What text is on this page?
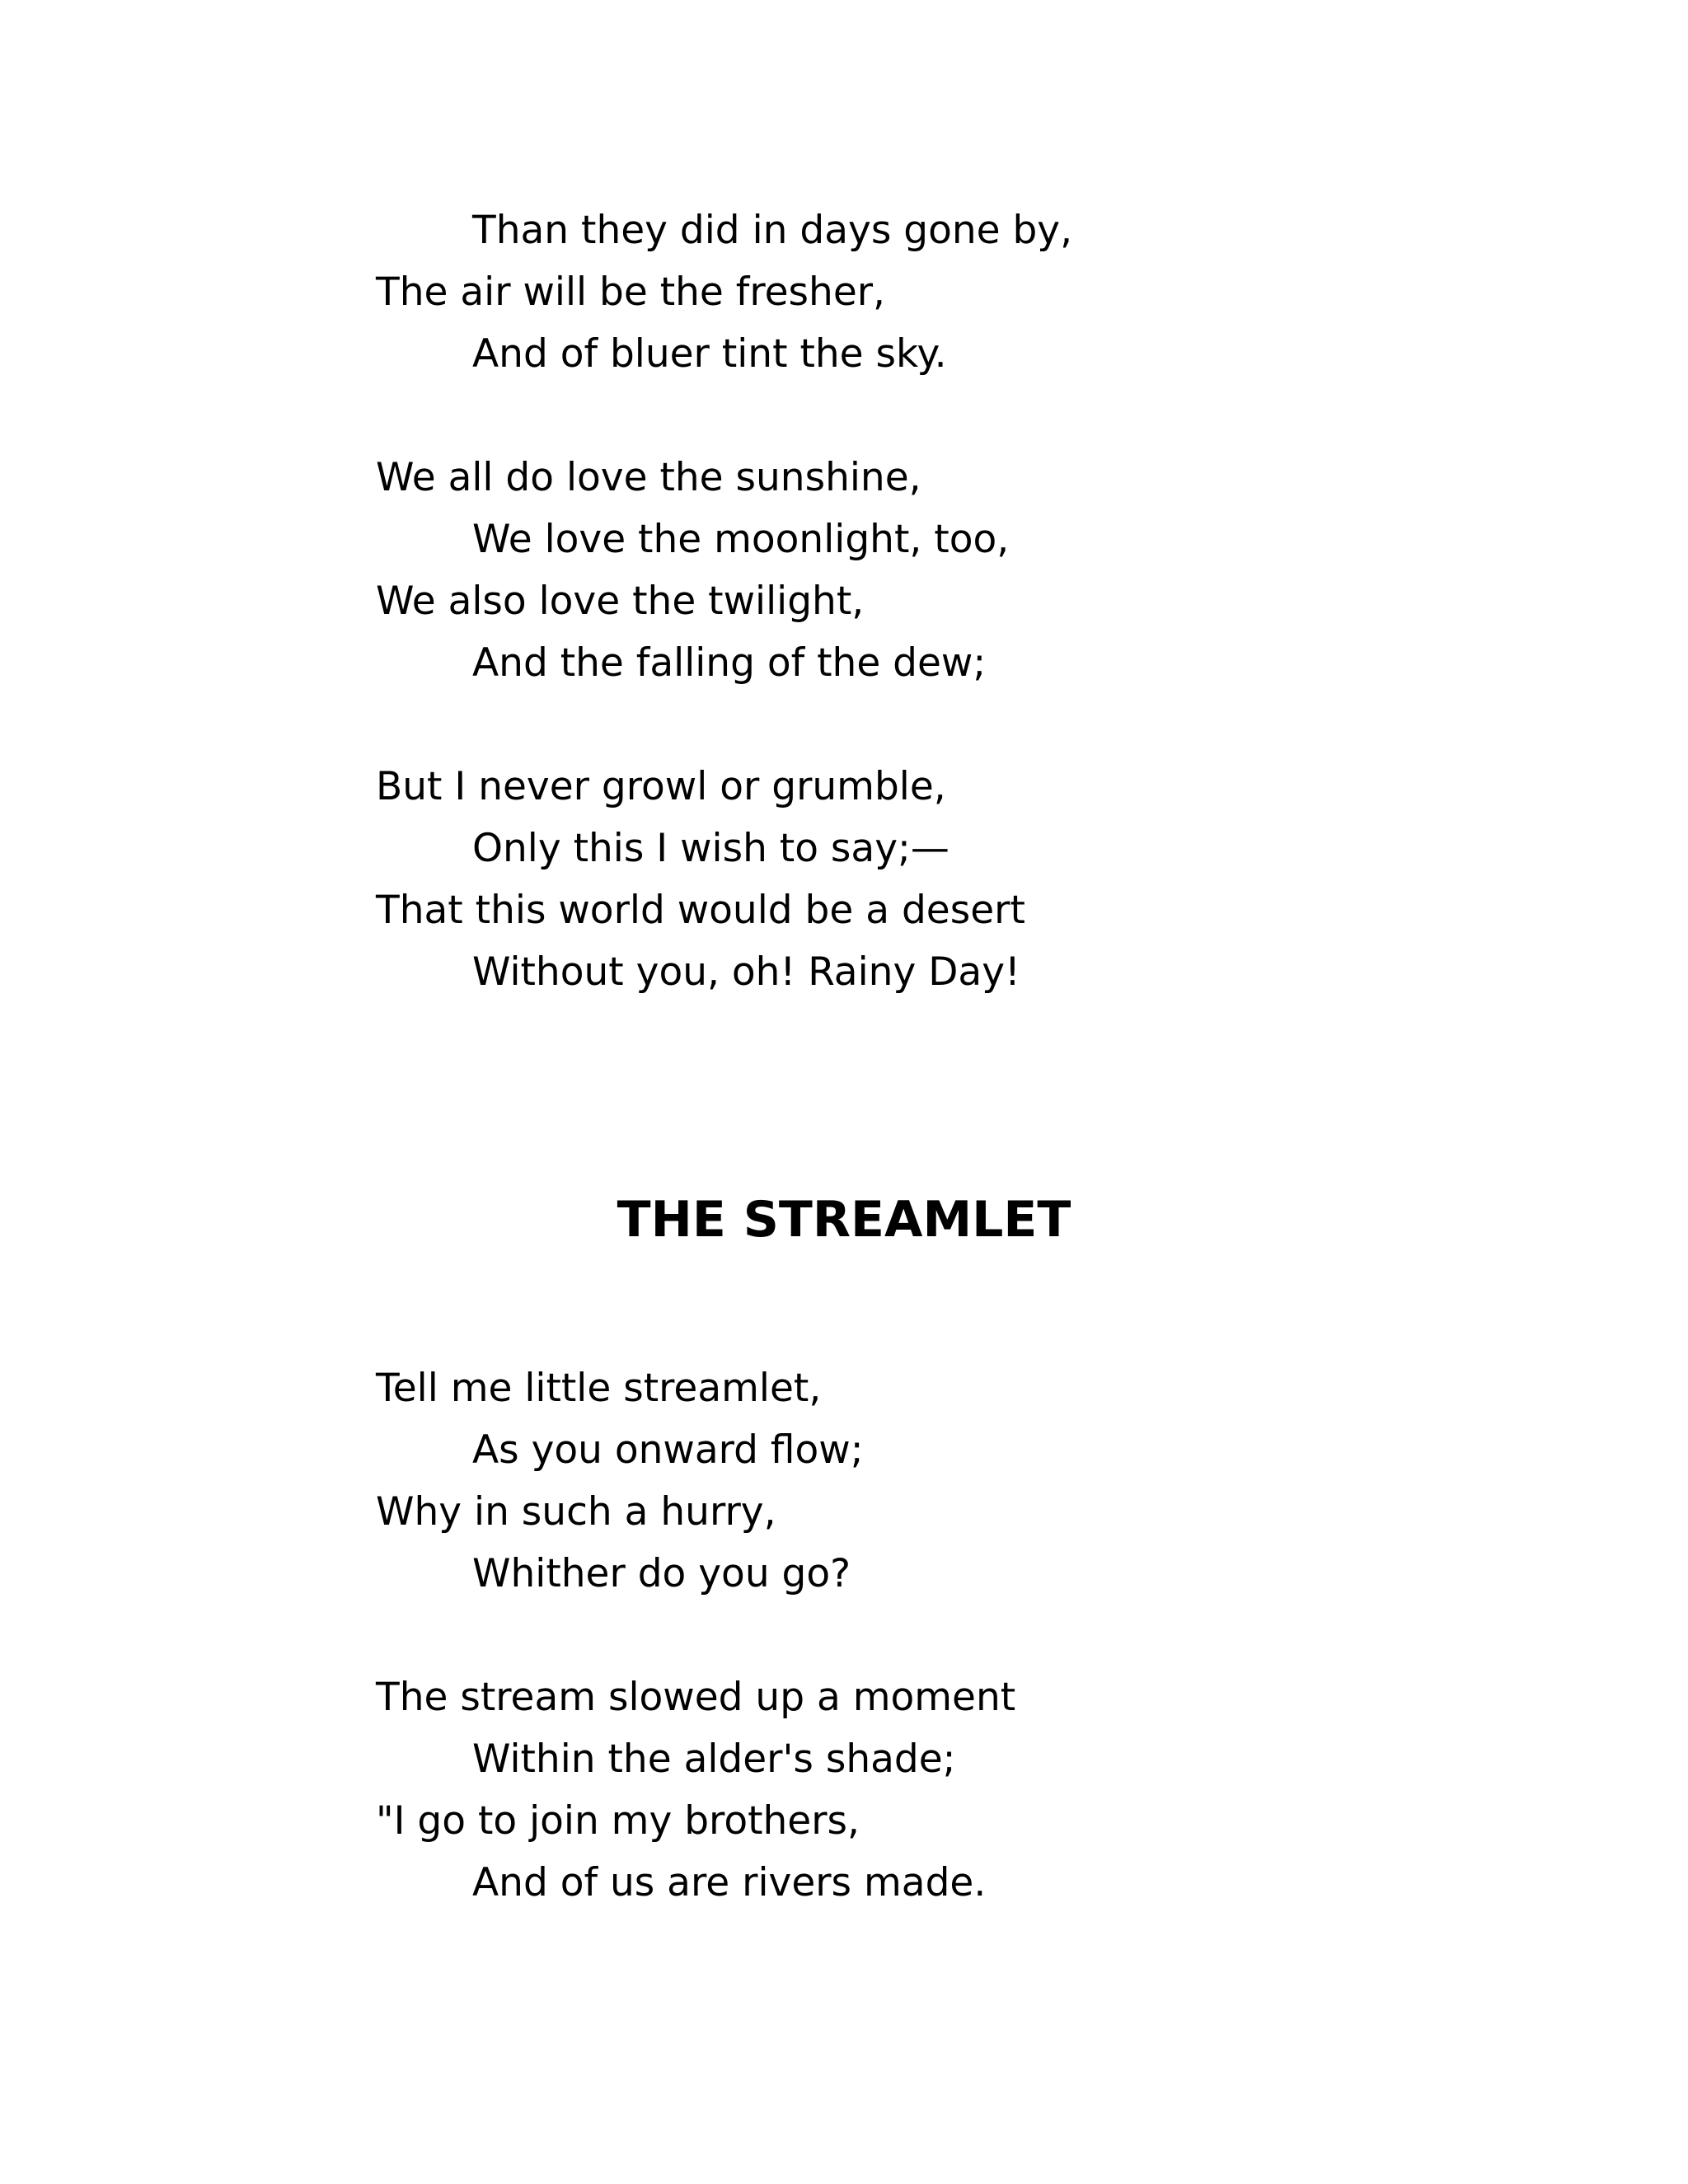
Than they did in days gone by,
The air will be the fresher,
And of bluer tint the sky.
We all do love the sunshine,
We love the moonlight, too,
We also love the twilight,
And the falling of the dew;
But I never growl or grumble,
Only this I wish to say;—
That this world would be a desert
Without you, oh! Rainy Day!
THE STREAMLET
Tell me little streamlet,
As you onward flow;
Why in such a hurry,
Whither do you go?
The stream slowed up a moment
Within the alder's shade;
"I go to join my brothers,
And of us are rivers made.
